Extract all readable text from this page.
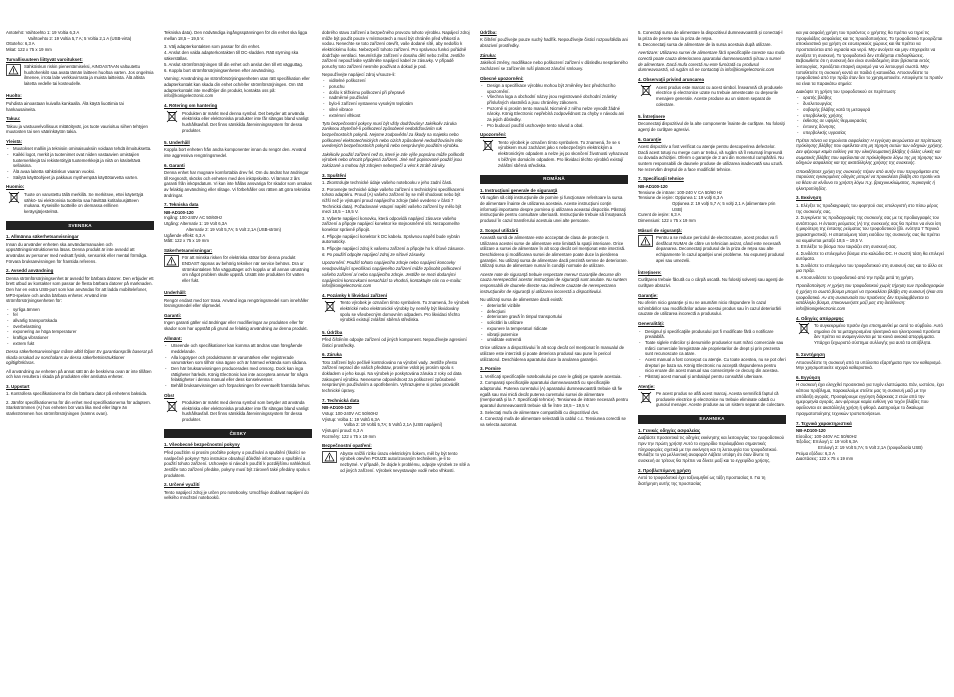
Antotehö: Vaihtoehto 1: 19 Voltia 6,3 A
Vaihtoehto 2: 19 Voltia 5,7 A; 5 Voltia 2,1 A (USB-virta)
Ottoteho: 6,3 A
Mitat: 122 x 75 x 19 mm
Turvallisuuteen liittyvät varoitukset:

Sähköiskun riskin pienentämiseksi, AINOASTAAN valtuutettu huoltohenkilö saa avata tämän laitteen huoltoa varten. Jos ongelmia ilmenee, irrota laite verkkovirrasta ja muista laitteista. Älä altista laitetta vedelle tai kosteudelle.

Huolto:

Puhdista ainoastaan kuivalla kankaalla. Älä käytä liuottimia tai hankausaineita.

Takuu:

Takuu ja vastuuvelvollisuus mitätöityvät, jos tuote vaurioituu siihen tehtyjen muutosten tai sen väärinkäytön takia.

Yleistä:
- Muutokset malliin ja teknisiin ominaisuuksiin voidaan tehdä ilmoituksetta.
- Kaikki logot, merkit ja tuotenimet ovat niiden vastaavien omistajien tuotemerkkejä tai rekisteröityjä tuotemerkkejä ja niitä on käsiteltävä sellaisina.
- Älä avaa laitetta sähköiskun vaaran vuoksi.
- Säilytä käyttöohjeet ja pakkaus myöhempää käyttötarvetta varten.
Huomio:

Tuote on varustettu tällä merkillä. Se merkitsee, ettei käytettyjä sähkö- tai elektronisia tuotteita saa hävittää kotitalousjätteen mukana. Kyseisille tuotteille on olemassa erillinen keräysjärjestelmä.

SVENSKA
1. Allmänna säkerhetsanvisningar

Innan du använder enheten ska användarmanualen och uppsättningsinstruktionerna läsas. Denna produkt är inte avsedd att användas av personer med nedsatt fysisk, sensorisk eller mental förmåga. Förvara bruksanvisningen för framtida referens.

2. Avsedd användning

Denna strömförsörjningsenhet är avsedd för bärbara datorer. Den erbjuder ett brett utbud av kontakter som passar de flesta bärbara datorer på marknaden. Den har en extra USB-port som kan användas för att ladda mobiltelefoner, MP3-spelare och andra bärbara enheter. Använd inte strömförsörjningsenheten för:

- syrliga ämnen
- fel
- allvarlig transportskada
- överbelastning
- exponering av höga temperaturer
- kraftiga vibrationer
- extrem fukt

Dessa säkerhetsanvisningar måste alltid följas! Ev garantianspråk baserat på skada orsakad av nonchalans av dessa säkerhetsinstruktioner ogiltigförklaras.

All användning av enheten på annat sätt än de beskrivna ovan är inte tillåten och kan resultera i skada på produkten eller anslutna enheter.

3. Uppstart

1. Kontrollera specifikationerna för din bärbara dator på enhetens baksida.

2. Jämför specifikationerna för din enhet med specifikationerna för adaptern. Starkströmmen (A) hos enheten bör vara lika med eller lägre än starkströmmen hos strömförsörjningen (nämns ovan).

Tekniska data). Den nödvändiga ingångsspänningen för din enhet ska ligga mellan 18,5 – 19,5 V.

3. Välj adapterkontakten som passar för din enhet.

4. Anslut den valda adapterkontakten till DC-sladden. Rätt styrning ska säkerställas.

5. Anslut strömförsörjningen till din enhet och anslut den till ett vägguttag.

6. Koppla bort strömförsörjningsenheten efter användning.

Varning: Användning av strömförsörjningsenheten utan rätt specifikation eller adapterkontakt kan skada din enhet och/eller strömförsörjningen. Om rätt adapterkontakt inte medföljer din produkt, kontakta oss på: info@konigelectronic.com

4. Rötering om hantering

Produkten är märkt med denna symbol. Det betyder att använda elektriska eller elektroniska produkter inte får slängas bland vanligt hushållsavfall. Det finns särskilda återvinningssystem för dessa produkter.

5. Underhåll

Koppla bort enheten från andra komponenter innan du rengör den. Använd inte aggressiva rengöringsmedel.

6. Garanti

Denna enhet har mognare komfortabla drev fel. Om du ändrat har ändringar till Kegnordt, sköcks och enheten med den inköpskvitto. Vi lämnar 2 års garanti från inköpsdatum. Vi kan inte hållas ansvariga för skador som orsakas av felaktig användning eller slitage. Vi förbehåller oss rätten att göra tekniska ändringar.

7. Tekniska data
NB-AD100-120
Ingång: 100-240V AC 50/60Hz
Utgång: Alternativ 1: 19 Volt 6,3A
Alternativ 2: 19 Volt 5,7A; 5 Volt 2,1A (USB-ström)
Ugående effekt: 6,3 A
Mått: 122 x 75 x 19 mm
Säkerhetsanvisningar:

För att minska risken för elektriska stötar bör denna produkt ENDAST öppnas av behörig tekniker när service behövs. Dra ur strömkontakten från vägguttaget och koppla ur all annan utrustning om något problem skulle uppstå. Utsätt inte produkten för vatten eller fukt.

Underhåll:

Rengör endast med torr trasa. Använd inga rengöringsmedel som innehåller lösningsmedel eller slipmedel.

Garanti:

Ingen garanti gäller vid ändringar eller modifieringar av produkten eller för skador som har uppstått på grund av felaktig användning av denna produkt.

Allmänt:
- Utseende och specifikationer kan komma att ändras utan föregående meddelande.
- Alla logotyper och produktnamn är varumärken eller registrerade varumärken som tillhör sina ägare och är härmed erkända som sådana.
- Den här bruksanvisningen producerades med omsorg. Dock kan inga rättigheter härleds. König Electronic kan inte acceptera ansvar för några felaktigheter i denna manual eller dess konsekvenser.
- Behåll bruksanvisningen och förpackningen för eventuellt framtida behov.
Obs!

Produkten är märkt med denna symbol som betyder att använda elektriska eller elektroniska produkter inte får slängas bland vanligt hushållsavfall. Det finns särskilda återvinningssystem för dessa produkter.

ČESKY
1. Všeobecné bezpečnostní pokyny

Před použitím si prosím pročtěte pokyny o používání a spuštění (školící se naslpečně pokyny! Tyto instrukce obsahují důležité informace o spuštění a použití tohoto zařízení. Uchovejte si návod k použití k pozdějšímu nahlédnutí. Jestliže toto zařízení předáte, pokyny musí být zároveň také předány spolu s produktem.

2. Určené využití

Tento napájecí zdroj je určen pro notebooky. Umožňuje dodávat napájení do velkého množství notebooků.

dobrého stavu zařízení a bezpečného provozu tohoto výrobku. Napájecí zdroj může být použit pouze v místnostech a musí být chráněn před vlhkostí a vodou. Nenechte se toto zařízení otevřít, vaše dodané sítě, aby nedošlo k elektrickému šoku. Nebezpečí tohoto zařízení. Pro správnou funkci pořádně dodržujte ventilaci. Neumísťujte zařízení v dosahu dětí nebo zvířat. Jestliže zařízení nepoužíváte vytáhněte napájecí kabel ze zásuvky. V případě poruchy toto zařízení nesmíte používat a dokud je pod.

Nepoužívejte napájecí zdroj v/souze-li:

- viditelné poškození
- poruchu
- došlo k těžkému poškození při přepravě
- nadměrné používání
- bylo-li zařízení vystaveno vysokým teplotám
- silné vibrace
- extrémní vlhkost

Tyto bezpečnostní pokyny musí být vždy dodržovány! Jakékoliv záruka zaniknou zbytečně-li poškození způsobené nedodržováním ruk bezpečnostních pokynů. Nejsme zodpovědní za škody na majetku nebo poškození elektrotechnických nebo cizích způsobené nedodržováním této uvedených bezpečnostních pokynů nebo nesprávným použitím výrobku.

Jakékoliv použití zařízení než to, které je zde výše popsáno může poškodit výrobek nebo ohrozit připojená zařízení. Jiné než popisované použití jsou zakázané a mohou být zdrojem nebezpečí a vést k ztrátě záruky.

3. Spuštění

1. Zkontrolujte technické údaje vašeho notebooku v jeho zadní části.

2. Porovnejte technické údaje vašeho zařízení s technickými specifikacemi tohoto adaptéru. Proud (A) vašeho zařízení by se měl shodovat nebo být nižší než je výstupní proud napájecího zdroje (také uvedeno v části 7 Technická data). Požadované vstupní napětí vašeho zařízení by mělo být mezi 18,5 – 19,5 V.

3. Vyberte napájecí konovku, která odpovídá napájecí zásuvce vašeho zařízení a připojte napájecí konektor ke stejnosměrné síti. Nezapomeňte konektor správně připojit.

4. Připojte napájecí konektor k DC kabelu. Správnou napětí bude vybrán automaticky.

5. Připojte napájecí zdroj k vašemu zařízení a připojte ho k síťové zásuvce.

6. Po použití odpojte napájecí zdroj ze síťové zásuvky.

Upozornění: Použití tohoto napájecího zdroje nebo napájecí koncovky neodpovídající specifikaci napájeného zařízení může způsobit poškození vašeho zařízení a/ nebo napájecího zdroje. Jestliže se mezi dodanými napájecími koncovkami nenachází ta vhodná, kontaktujte nás na e-mailu: info@konigelectronic.com

4. Pozámky k likvidaci zařízení

Tento výrobek je označen tímto symbolem. To znamená, že výrobek elektrické nebo elektronické výrobky by neměly být likvidovány spolu se všeobecným domovním odpadem. Pro likvidaci těchto výrobků existují zvláštní sběrná střediska.

5. Údržba

Před čištěním odpojte zařízení od jiných komponent. Nepoužívejte agresivní čisticí prostředky.

6. Záruka

Toto zařízení bylo pečlivě kontrolováno na výrobní vady. Jestliže přesto zařízení neprací dle vašich představ, prosíme vrátit jej prosím spolu s dokladem o jeho koupi. Na výrobek je poskytována záruka 2 roky od data zakoupení výrobku. Nenesome odpovědnost za poškození způsobené nesprávným používáním a opotřebením. Vyhrazujeme si právo provádět technické úpravy.

7. Technická data
NB-AD100-120
Vstup: 100-240V AC 50/60Hz
Výstup: Volba 1: 19 Voltů 6,3A
Volba 2: 19 Voltů 5,7A; 5 Voltů 2,1A (USB napájení)
Výstupní proud: 6,3 A
Rozměry: 122 x 75 x 19 mm
Bezpečnostní opatření:

Abyste snížili riziko úrazu elektrickým šokem, měl by být tento výrobek otevřen POUZE autorizovaným technikem, je-li to nezbytné. V případě, že dojde k problému, odpojte výrobek ze sítě a od jiných zařízení. Výrobek nevystavujte vodě nebo vlhkosti.

Údržba:

K čištění používejte pouze suchý hadřík. Nepoužívejte čisticí rozpouštědla ani abrazivní prostředky.

Záruka:

Jakékoli změny, modifikace nebo poškození zařízení v důsledku nesprávného zacházení se zařízením ruší platnost záruční smlouvy.

Obecné upozornění:
- Design a specifikace výrobku mohou být změněny bez předchozího upozornění.
- Všechna loga a obchodní názvy jsou registrované obchodní známky příslušných vlastníků a jsou chráněny zákonem.
- Pozorně si prosím tento manuál. Nicméně z něho nelze vyvodit žádné nároky. König Electronic nepřebírá zodpovědnost za chyby v návodu ani za jejich důsledky.
- Pro budoucí použití uschovejte tento návod a obal.
Upozornění:

Tento výrobek je označen tímto symbolem. To znamená, že se s výrobkem musí zacházet jako s nebezpečným elektrickým a elektronickým odpadem a nelze jej po skončení životnosti vyhazovat s běžným domácím odpadem. Pro likvidaci těchto výrobků existují zvláštní sběrná střediska.

ROMÂNĂ
1. Instrucţiuni generale de siguranţă

Vă rugăm să citiţi instrucţiunile de pornire şi funcţionare referitoare la sursa de alimentare înainte de utilizarea acesteia. Aceste instrucţiuni conţin informaţii importante despre pornirea şi utilizarea aceastui dispozitiv. Păstraţi instrucţiunile pentru consultare ulterioară. Instrucţiunile trebuie să însoţească produsul în cazul transferului acestuia unei alte persoane.

2. Scopul utilizării

Această sursă de alimentare este accceptat de clasa de protecţie II. Utilizarea acestei surse de alimentare este limitată la spaţii interioare. Orice utilizare a sursei de alimentare în alt scop decât cel menţionat este interzisă. Deschiderea şi modificarea sursei de alimentare poate duce la pierderea garanţiei. Nu utilizaţi sursa de alimentare dacă prezintă semne de deteriorare. Utilizaţi sursa de alimentare numai în condiţii normale de utilizare.

Aceste note de siguranţă trebuie respectate mereu! Garanţiile decurse din cauza nerespectării acestor instrucţiuni de siguranţă sunt anulate. Nu suntem responsabili de daunele directe sau indirecte cauzate de nerespectarea instrucţiunilor de siguranţă şi utilizarea incorectă a dispozitivului.

Nu utilizaţi sursa de alimentare dacă există:

- deteriorări vizibile
- defecţiuni
- deteriorare gravă în timpul transportului
- solicitări la utilizare
- expunere la temperaturi ridicate
- vibraţii puternice
- umiditate extremă

Orice utilizare a dispozitivului în alt scop decât cel menţionat în manualul de utilizare este interzisă şi poate deteriora produsul sau pune în pericol utilizatorul. Deschiderea aparatului duce la anularea garanţiei.

3. Pornire

1. Verificaţi specificaţiile notebookului pe care le găsiţi pe spatele acestuia.

2. Comparaţi specificaţiile aparatului dumneavoastră cu specificaţiile adaptorului. Puterea curentului (A) aparatului dumneavoastră trebuie să fie egală sau mai mică decât puterea curentului sursei de alimentare (menţionată şi la 7. Specificaţii tehnice). Tensiunea de intrare necesară pentru aparatul dumneavoastră trebuie să fie între 18,5 – 19,5 V.

3. Selectaţi mufa de alimentare compatibilă cu dispozitivul dvs.

4. Conectaţi mufa de alimentare selectată la cablul c.c. Tensiunea corectă se va selecta automat.

5. Conectaţi sursa de alimentare la dispozitivul dumneavoastră şi conectaţi-l la priza de perete sau la priza de reţea.

6. Deconectaţi sursa de alimentare de la sursa acestuia după utilizare.

Avertizare: Utilizarea sursei de alimentare fără specificaţiile corecte sau mufa corectă poate cauza deteriorarea aparatului dumneavoastră şi/sau a sursei de alimentare. Dacă mufa corectă nu este furnizată cu produsul dumneavoastră, vă rugăm să ne contactaţi la info@konigelectronic.com

4. Observaţii privind aruncarea

Acest produs este marcat cu acest simbol. Înseamnă că produsele electrice şi electronice uzate nu trebuie amestecate cu deşeurile menajere generale. Aceste produse au un sistem separat de colectare.

5. Întreţinere

Deconectaţi dispozitivul de la alte componente înainte de curăţare. Nu folosiţi agenţi de curăţare agresivi.

6. Garanţie

Acest dispozitiv a fost verificat cu atenţie pentru descoperirea defectelor. Dacă acest totuşi nu merge cum ar trebui, vă rugăm să îl returnaţi împreună cu dovada achiziţiei. Oferim o garanţie de 2 ani din momentul cumpărării. Nu suntem responsabili de daunele produse de utilizarea inadecvată sau uzură. Ne rezervăm dreptul de a face modificări tehnice.

7. Specificaţii tehnice
NB-AD100-120
Tensiune de intrare: 100-240 V CA 50/60 Hz
Tensiune de ieşire: Opţiunea 1: 19 volţi 6,3 A
Opţiunea 2: 19 volţi 5,7 A; 5 volţi 2,1 A (alimentare prin USB)
Curent de ieşire: 6,3 A
Dimensiuni: 122 x 75 x 19 mm
Măsuri de siguranţă:

Pentru a se reduce pericolul de electrocutare, acest produs va fi desfăcut NUMAI de către un tehnician avizat, când este necesară depanarea. Deconectaţi produsul de la priza de reţea sau alte echipamente în cazul apariţiei unei probleme. Nu expuneţi produsul apei sau umezelii.

Întreţinere:

Curăţarea trebuie făcută cu o cârpă uscată. Nu folosiţi solvenţi sau agenţi de curăţare abrazivi.

Garanţie:

Nu oferim nicio garanţie şi nu ne asumăm nicio răspundere în cazul schimbărilor sau modificărilor aduse acestui produs sau în cazul deteriorării cauzate de utilizarea incorectă a produsului.

Generalităţi:
- Designul şi specificaţiile produsului pot fi modificate fără o notificare prealabilă.
- Toate siglele mărcilor şi denumirile produselor sunt mărci comerciale sau mărci comerciale înregistrate ale proprietarilor de drept şi prin prezenta sunt recunoscute ca atare.
- Acest manual a fost conceput cu atenţie. Cu toate acestea, nu se pot oferi drepturi pe baza sa. König Electronic nu acceptă răspunderea pentru nicio eroare din acest manual sau consecinţele ce decurg din acestea.
- Păstraţi acest manual şi ambalajul pentru consultări ulterioare.
Atenţie:

Pe acest produs se află acest marcaj. Acesta semnifică faptul că produsele electrice şi electronice nu trebuie eliminate odată cu gunoiul menajer. Aceste produse au un sistem separat de colectare.

ΕΛΛΗΝΙΚΑ
1. Γενικές οδηγίες ασφαλείας

Διαβάστε προσεκτικά τις οδηγίες εκκίνησης και λειτουργίας του τροφοδοτικού πριν την πρώτη χρήση! Αυτό το εγχειρίδιο περιλαμβάνει σημαντικές πληροφορίες σχετικά με την εκκίνηση και τη λειτουργία του τροφοδοτικού. Φυλάξτε το για μελλοντική αναφορά! Λάβετε υπόψη ότι όταν δίνετε τη συσκευή σε τρίτους θα πρέπει να δίνετε μαζί και το εγχειρίδιο χρήσης.

2. Προβλεπόμενη χρήση

Αυτό το τροφοδοτικό έχει ταξινομηθεί ως τάξη προστασίας ΙΙ. Για τη διατήρηση αυτής της προστασίας

και για ασφαλή χρήση του προϊόντος ο χρήστης θα πρέπει να τηρεί τις προφυλάξεις ασφαλείας και τις προειδοποιήσεις. Το τροφοδοτικό προορίζεται αποκλειστικά για χρήση σε εσωτερικούς χώρους και θα πρέπει να προστατεύεται από υγρασία και νερό. Μην ανοίγετε και μην επιχειρείτε να ανοίξετε τη συσκευή. Το τροφοδοτικό δεν επιδέχεται επιδιορθώσεις. Βεβαιωθείτε ότι η συσκευή δεν είναι συνδεδεμένη όταν βρίσκεται εκτός λειτουργίας. Χρειάζεται επαρκή αερισμό για να λειτουργεί σωστά. Μην τοποθετείτε τη συσκευή κοντά σε παιδιά ή κατοικίδια. Αποσυνδέστε το τροφοδοτικό από την πρίζα όταν δεν το χρησιμοποιείτε. Αποφύγετε το προϊόν να είναι τα παρακάτω σημεία:

Διακόψτε τη χρήση του τροφοδοτικού σε περίπτωση:

- ορατής βλάβης
- δυσλειτουργίας
- σοβαρής βλάβης κατά τη μεταφορά
- υπερβολικής χρήσης
- έκθεσης σε υψηλές θερμοκρασίες
- έντονης δόνησης
- υπερβολικής υγρασίας

Πρέπει πάντα να τηρούνται ασφαλείας! Η εγγύηση ακυρώνεται σε περίπτωση πρόκλησης βλάβης που οφείλεται στη μη τήρηση αυτών των οδηγιών χρήσης. Δεν φέρουμε καμία ευθύνη για την υλική/σωματική βλάβης ή άλλες υλικές και σωματικές βλάβες που οφείλονται σε πρόκληθηκαν λόγω της μη τήρησης των οδηγιών ασφαλείας και της ακατάλληλης χρήσης της συσκευής.

Οποιαδήποτε χρήση της συσκευής πέραν από αυτήν που περιγράφεται στις παρούσες εγκεκριμένες οδηγίες μπορεί να προκαλέσει βλάβη στο προϊόν και να θέσει σε κίνδυνο το χρήστη λόγω π.χ. βραχυκυκλώματος, πυρκαγιάς ή ηλεκτροπληξίας.

3. Εκκίνηση

1. Ελέγξτε τις προδιαγραφές του φορητού σας υπολογιστή στο πίσω μέρος της συσκευής σας.

2. Συγκρίνετε τις προδιαγραφές της συσκευής σας με τις προδιαγραφές του αντάπτορα. Η ένταση ρεύματος (A) της συσκευής σας θα πρέπει να είναι ίση ή μικρότερη της έντασης ρεύματος του τροφοδοτικού (βλ. ενότητα 7 Τεχνικά χαρακτηριστικά). Η απαιτούμενη τάση εισόδου της συσκευής σας θα πρέπει να κυμαίνεται μεταξύ 18,5 – 19,5 V.

3. Επιλέξτε το βύσμα που ταιριάζει στη συσκευή σας.

4. Συνδέστε το επιλεγμένο βύσμα στο καλώδιο DC. Η σωστή τάση θα επιλεγεί αυτόματα.

5. Συνδέστε το επιλεγμένο του τροφοδοτικού στη συσκευή σας και το άλλο σε μια πρίζα.

6. Αποσυνδέστε το τροφοδοτικό από την πρίζα μετά τη χρήση.

Προειδοποίηση: Η χρήση του τροφοδοτικού χωρίς τήρηση των προδιαγραφών ή χρήση το σωστό βύσμα μπορεί να προκαλέσει βλάβη στη συσκευή ή/και στο τροφοδοτικό. Αν στη συσκευασία του προϊόντος δεν περιλαμβάνεται το κατάλληλο βύσμα, επικοινωνήστε μαζί μας στη διεύθυνση: info@konigelectronic.com

4. Οδηγίες απόρριψης

Το συγκεκριμένο προϊόν έχει επισημανθεί με αυτό το σύμβολο. Αυτό σημαίνει ότι τα μεταχειρισμένα ηλεκτρικά και ηλεκτρονικά προϊόντα δεν πρέπει να αναμειγνύονται με τα κοινά οικιακά απορρίμματα. Υπάρχει ξεχωριστό σύστημα συλλογής για αυτά τα απόβλητα.

5. Συντήρηση

Αποσυνδέστε τη συσκευή από τα υπόλοιπα εξαρτήματα πριν τον καθαρισμό. Μην χρησιμοποιείτε ισχυρά καθαριστικά.

6. Εγγύηση

Η συσκευή έχει ελεγχθεί προσεκτικά για τυχόν ελαττώματα. Εάν, ωστόσο, έχει κάποιο πρόβλημα, παρακαλούμε στείλτε μας τη συσκευή μαζί με την απόδειξη αγοράς. Προσφέρουμε εγγύηση διάρκειας 2 ετών από την ημερομηνία αγοράς. Δεν φέρουμε καμία ευθύνη για τυχόν βλάβες που οφείλονται σε ακατάλληλη χρήση ή φθορά. Διατηρούμε το δικαίωμα πραγματοποίησης τεχνικών τροποποιήσεων.

7. Τεχνικά χαρακτηριστικά
NB-AD100-120
Είσοδος: 100-240V AC 50/60Hz
Έξοδος: Επιλογή 1: 19 Volt 6,3A
Επιλογή 2: 19 Volt 5,7A; 5 Volt 2,1A (τροφοδοσία USB)
Ρεύμα εξόδου: 6,3 A
Διαστάσεις: 122 x 75 x 19 mm
